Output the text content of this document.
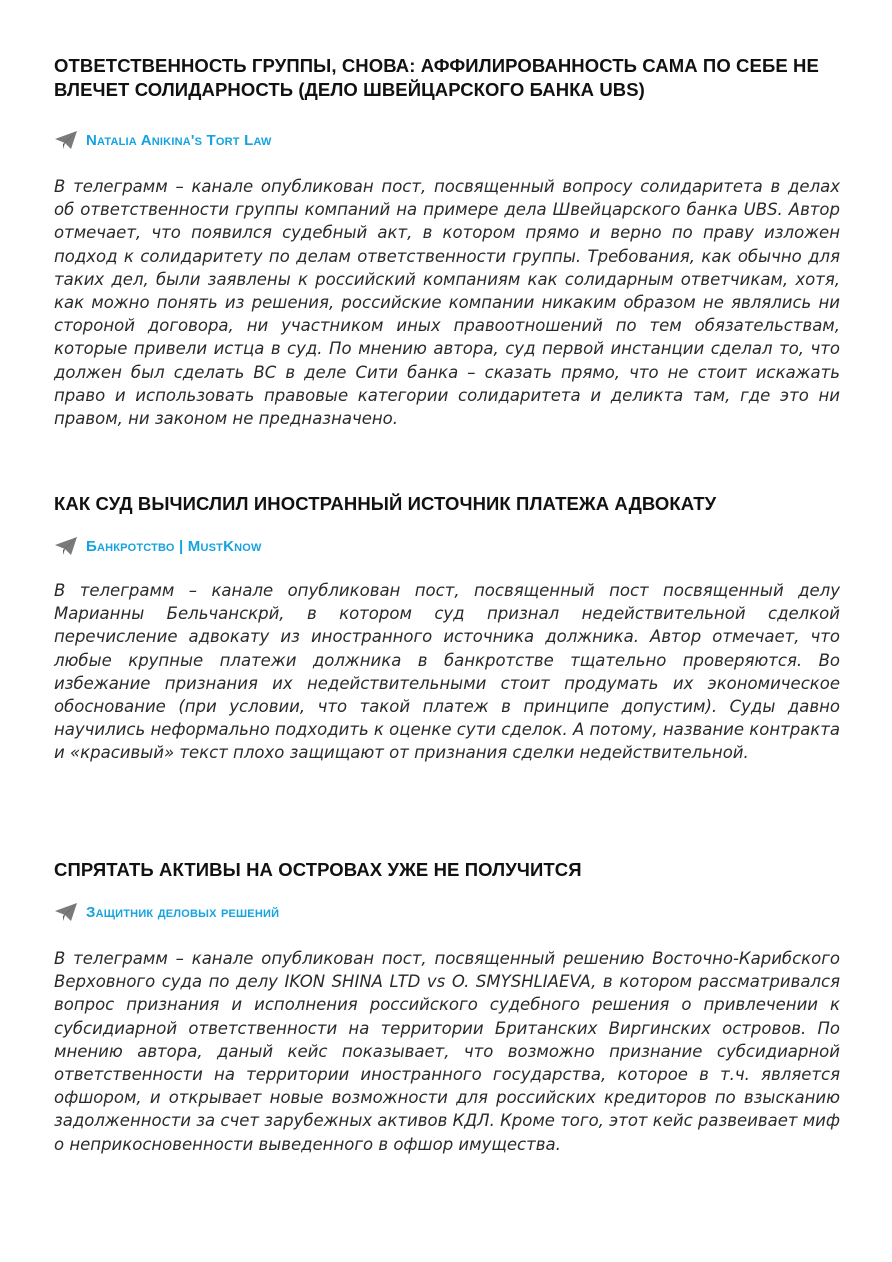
ОТВЕТСТВЕННОСТЬ ГРУППЫ, СНОВА: АФФИЛИРОВАННОСТЬ САМА ПО СЕБЕ НЕ ВЛЕЧЕТ СОЛИДАРНОСТЬ (ДЕЛО ШВЕЙЦАРСКОГО БАНКА UBS)
Natalia Anikina's Tort Law

В телеграмм – канале опубликован пост, посвященный вопросу солидаритета в делах об ответственности группы компаний на примере дела Швейцарского банка UBS. Автор отмечает, что появился судебный акт, в котором прямо и верно по праву изложен подход к солидаритету по делам ответственности группы. Требования, как обычно для таких дел, были заявлены к российский компаниям как солидарным ответчикам, хотя, как можно понять из решения, российские компании никаким образом не являлись ни стороной договора, ни участником иных правоотношений по тем обязательствам, которые привели истца в суд. По мнению автора, суд первой инстанции сделал то, что должен был сделать ВС в деле Сити банка – сказать прямо, что не стоит искажать право и использовать правовые категории солидаритета и деликта там, где это ни правом, ни законом не предназначено.

КАК СУД ВЫЧИСЛИЛ ИНОСТРАННЫЙ ИСТОЧНИК ПЛАТЕЖА АДВОКАТУ
Банкротство | MustKnow

В телеграмм – канале опубликован пост, посвященный пост посвященный делу Марианны Бельчанскрй, в котором суд признал недействительной сделкой перечисление адвокату из иностранного источника должника. Автор отмечает, что любые крупные платежи должника в банкротстве тщательно проверяются. Во избежание признания их недействительными стоит продумать их экономическое обоснование (при условии, что такой платеж в принципе допустим). Суды давно научились неформально подходить к оценке сути сделок. А потому, название контракта и «красивый» текст плохо защищают от признания сделки недействительной.

СПРЯТАТЬ АКТИВЫ НА ОСТРОВАХ УЖЕ НЕ ПОЛУЧИТСЯ
Защитник деловых решений

В телеграмм – канале опубликован пост, посвященный решению Восточно-Карибского Верховного суда по делу IKON SHINA LTD vs O. SMYSHLIAEVA, в котором рассматривался вопрос признания и исполнения российского судебного решения о привлечении к субсидиарной ответственности на территории Британских Виргинских островов. По мнению автора, даный кейс показывает, что возможно признание субсидиарной ответственности на территории иностранного государства, которое в т.ч. является офшором, и открывает новые возможности для российских кредиторов по взысканию задолженности за счет зарубежных активов КДЛ. Кроме того, этот кейс развеивает миф о неприкосновенности выведенного в офшор имущества.
